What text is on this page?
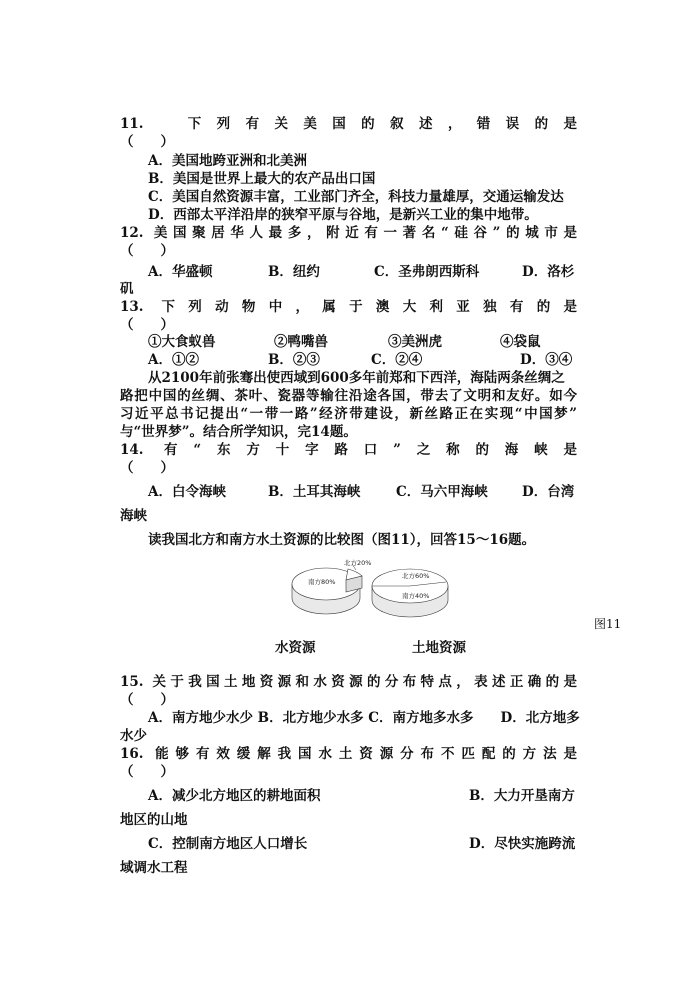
11.　下列有关美国的叙述，错误的是
（　　）
A．美国地跨亚洲和北美洲
B．美国是世界上最大的农产品出口国
C．美国自然资源丰富，工业部门齐全，科技力量雄厚，交通运输发达
D．西部太平洋沿岸的狭窄平原与谷地，是新兴工业的集中地带。
12. 美国聚居华人最多，附近有一著名“硅谷”的城市是
（　　）
A．华盛顿	B．纽约	C．圣弗朗西斯科	D．洛杉
矶
13. 下列动物中，属于澳大利亚独有的是
（　　）
①大食蚁兽	②鸭嘴兽	③美洲虎	④袋鼠
A．①②	B．②③	C．②④	D．③④
从2100年前张骞出使西域到600多年前郑和下西洋，海陆两条丝绸之
路把中国的丝绸、茶叶、瓷器等输往沿途各国，带去了文明和友好。如今
习近平总书记提出“一带一路”经济带建设，新丝路正在实现“中国梦”
与“世界梦”。结合所学知识，完14题。
14. 有“东方十字路口”之称的海峡是
（　　）
A．白令海峡	B．土耳其海峡	C．马六甲海峡	D．台湾
海峡
读我国北方和南方水土资源的比较图（图11），回答15～16题。
北方20%
南方80%
北方60%
南方40%
图11
水资源	土地资源
15. 关于我国土地资源和水资源的分布特点，表述正确的是
（　　）
A．南方地少水少 B．北方地少水多 C．南方地多水多　　D．北方地多
水少
16. 能够有效缓解我国水土资源分布不匹配的方法是
（　　）
A．减少北方地区的耕地面积	B．大力开垦南方
地区的山地
C．控制南方地区人口增长	D．尽快实施跨流
域调水工程
